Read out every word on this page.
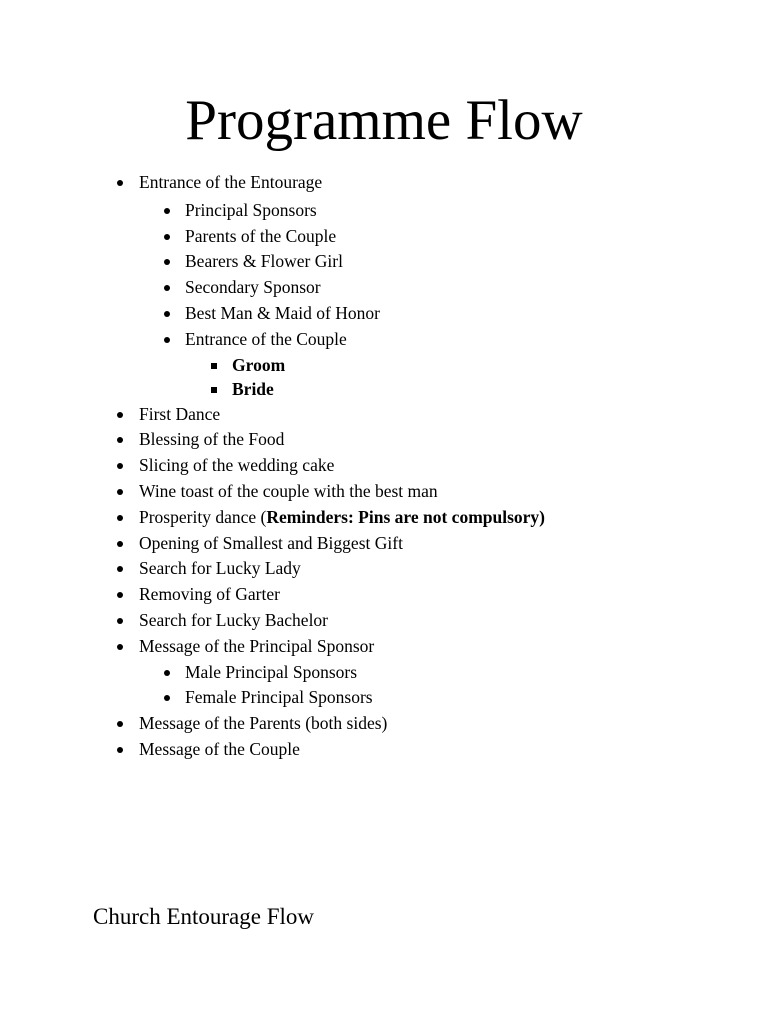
Programme Flow
Entrance of the Entourage
Principal Sponsors
Parents of the Couple
Bearers & Flower Girl
Secondary Sponsor
Best Man & Maid of Honor
Entrance of the Couple
Groom
Bride
First Dance
Blessing of the Food
Slicing of the wedding cake
Wine toast of the couple with the best man
Prosperity dance (Reminders: Pins are not compulsory)
Opening of Smallest and Biggest Gift
Search for Lucky Lady
Removing of Garter
Search for Lucky Bachelor
Message of the Principal Sponsor
Male Principal Sponsors
Female Principal Sponsors
Message of the Parents (both sides)
Message of the Couple
Church Entourage Flow
